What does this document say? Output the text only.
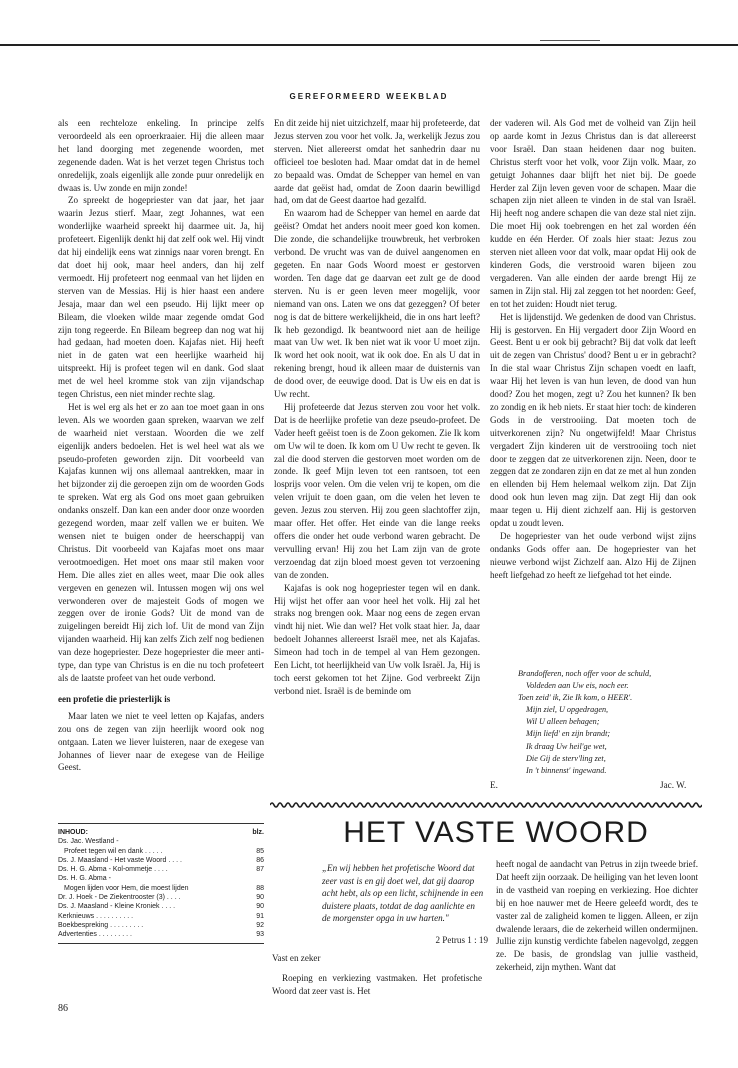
GEREFORMEERD WEEKBLAD

als een rechteloze enkeling. In principe zelfs veroordeeld als een oproerkraaier. Hij die alleen maar het land doorging met zegenende woorden, met zegenende daden. Wat is het verzet tegen Christus toch onredelijk, zoals eigenlijk alle zonde puur onredelijk en dwaas is. Uw zonde en mijn zonde!

Zo spreekt de hogepriester van dat jaar, het jaar waarin Jezus stierf. Maar, zegt Johannes, wat een wonderlijke waarheid spreekt hij daarmee uit. Ja, hij profeteert. Eigenlijk denkt hij dat zelf ook wel. Hij vindt dat hij eindelijk eens wat zinnigs naar voren brengt. En dat doet hij ook, maar heel anders, dan hij zelf vermoedt. Hij profeteert nog eenmaal van het lijden en sterven van de Messias. Hij is hier haast een andere Jesaja, maar dan wel een pseudo. Hij lijkt meer op Bileam, die vloeken wilde maar zegende omdat God zijn tong regeerde. En Bileam begreep dan nog wat hij had gedaan, had moeten doen. Kajafas niet. Hij heeft niet in de gaten wat een heerlijke waarheid hij uitspreekt. Hij is profeet tegen wil en dank. God slaat met de wel heel kromme stok van zijn vijandschap tegen Christus, een niet minder rechte slag.

Het is wel erg als het er zo aan toe moet gaan in ons leven. Als we woorden gaan spreken, waarvan we zelf de waarheid niet verstaan. Woorden die we zelf eigenlijk anders bedoelen. Het is wel heel wat als we pseudo-profeten geworden zijn. Dit voorbeeld van Kajafas kunnen wij ons allemaal aantrekken, maar in het bijzonder zij die geroepen zijn om de woorden Gods te spreken. Wat erg als God ons moet gaan gebruiken ondanks onszelf. Dan kan een ander door onze woorden gezegend worden, maar zelf vallen we er buiten. We wensen niet te buigen onder de heerschappij van Christus. Dit voorbeeld van Kajafas moet ons maar verootmoedigen. Het moet ons maar stil maken voor Hem. Die alles ziet en alles weet, maar Die ook alles vergeven en genezen wil. Intussen mogen wij ons wel verwonderen over de majesteit Gods of mogen we zeggen over de ironie Gods? Uit de mond van de zuigelingen bereidt Hij zich lof. Uit de mond van Zijn vijanden waarheid. Hij kan zelfs Zich zelf nog bedienen van deze hogepriester. Deze hogepriester die meer anti-type, dan type van Christus is en die nu toch profeteert als de laatste profeet van het oude verbond.

een profetie die priesterlijk is

Maar laten we niet te veel letten op Kajafas, anders zou ons de zegen van zijn heerlijk woord ook nog ontgaan. Laten we liever luisteren, naar de exegese van Johannes of liever naar de exegese van de Heilige Geest.

INHOUD:	blz.
Ds. Jac. Westland -
Profeet tegen wil en dank . . . . .	85
Ds. J. Maasland - Het vaste Woord . . . .	86
Ds. H. G. Abma - Kol-ommetje . . . .	87
Ds. H. G. Abma -
Mogen lijden voor Hem, die moest lijden	88
Dr. J. Hoek - De Ziekentrooster (3) . . . .	90
Ds. J. Maasland - Kleine Kroniek . . . .	90
Kerknieuws . . . . . . . . . .	91
Boekbespreking . . . . . . . . .	92
Advertenties . . . . . . . . .	93
86

En dit zeide hij niet uitzichzelf, maar hij profeteerde, dat Jezus sterven zou voor het volk. Ja, werkelijk Jezus zou sterven. Niet allereerst omdat het sanhedrin daar nu officieel toe besloten had. Maar omdat dat in de hemel zo bepaald was. Omdat de Schepper van hemel en van aarde dat geëist had, omdat de Zoon daarin bewilligd had, om dat de Geest daartoe had gezalfd.

En waarom had de Schepper van hemel en aarde dat geëist? Omdat het anders nooit meer goed kon komen. Die zonde, die schandelijke trouwbreuk, het verbroken verbond. De vrucht was van de duivel aangenomen en gegeten. En naar Gods Woord moest er gestorven worden. Ten dage dat ge daarvan eet zult ge de dood sterven. Nu is er geen leven meer mogelijk, voor niemand van ons. Laten we ons dat gezeggen? Of beter nog is dat de bittere werkelijkheid, die in ons hart leeft? Ik heb gezondigd. Ik beantwoord niet aan de heilige maat van Uw wet. Ik ben niet wat ik voor U moet zijn. Ik word het ook nooit, wat ik ook doe. En als U dat in rekening brengt, houd ik alleen maar de duisternis van de dood over, de eeuwige dood. Dat is Uw eis en dat is Uw recht.

Hij profeteerde dat Jezus sterven zou voor het volk. Dat is de heerlijke profetie van deze pseudo-profeet. De Vader heeft geëist toen is de Zoon gekomen. Zie Ik kom om Uw wil te doen. Ik kom om U Uw recht te geven. Ik zal die dood sterven die gestorven moet worden om de zonde. Ik geef Mijn leven tot een rantsoen, tot een losprijs voor velen. Om die velen vrij te kopen, om die velen vrijuit te doen gaan, om die velen het leven te geven. Jezus zou sterven. Hij zou geen slachtoffer zijn, maar offer. Het offer. Het einde van die lange reeks offers die onder het oude verbond waren gebracht. De vervulling ervan! Hij zou het Lam zijn van de grote verzoendag dat zijn bloed moest geven tot verzoening van de zonden.

Kajafas is ook nog hogepriester tegen wil en dank. Hij wijst het offer aan voor heel het volk. Hij zal het straks nog brengen ook. Maar nog eens de zegen ervan vindt hij niet. Wie dan wel? Het volk staat hier. Ja, daar bedoelt Johannes allereerst Israël mee, net als Kajafas. Simeon had toch in de tempel al van Hem gezongen. Een Licht, tot heerlijkheid van Uw volk Israël. Ja, Hij is toch eerst gekomen tot het Zijne. God verbreekt Zijn verbond niet. Israël is de beminde om

der vaderen wil. Als God met de volheid van Zijn heil op aarde komt in Jezus Christus dan is dat allereerst voor Israël. Dan staan heidenen daar nog buiten. Christus sterft voor het volk, voor Zijn volk. Maar, zo getuigt Johannes daar blijft het niet bij. De goede Herder zal Zijn leven geven voor de schapen. Maar die schapen zijn niet alleen te vinden in de stal van Israël. Hij heeft nog andere schapen die van deze stal niet zijn. Die moet Hij ook toebrengen en het zal worden één kudde en één Herder. Of zoals hier staat: Jezus zou sterven niet alleen voor dat volk, maar opdat Hij ook de kinderen Gods, die verstrooid waren bijeen zou vergaderen. Van alle einden der aarde brengt Hij ze samen in Zijn stal. Hij zal zeggen tot het noorden: Geef, en tot het zuiden: Houdt niet terug.

Het is lijdenstijd. We gedenken de dood van Christus. Hij is gestorven. En Hij vergadert door Zijn Woord en Geest. Bent u er ook bij gebracht? Bij dat volk dat leeft uit de zegen van Christus' dood? Bent u er in gebracht? In die stal waar Christus Zijn schapen voedt en laaft, waar Hij het leven is van hun leven, de dood van hun dood? Zou het mogen, zegt u? Zou het kunnen? Ik ben zo zondig en ik heb niets. Er staat hier toch: de kinderen Gods in de verstrooiing. Dat moeten toch de uitverkorenen zijn? Nu ongetwijfeld! Maar Christus vergadert Zijn kinderen uit de verstrooiing toch niet door te zeggen dat ze uitverkorenen zijn. Neen, door te zeggen dat ze zondaren zijn en dat ze met al hun zonden en ellenden bij Hem helemaal welkom zijn. Dat Zijn dood ook hun leven mag zijn. Dat zegt Hij dan ook maar tegen u. Hij dient zichzelf aan. Hij is gestorven opdat u zoudt leven.

De hogepriester van het oude verbond wijst zijns ondanks Gods offer aan. De hogepriester van het nieuwe verbond wijst Zichzelf aan. Alzo Hij de Zijnen heeft liefgehad zo heeft ze liefgehad tot het einde.

Brandofferen, noch offer voor de schuld,
Voldeden aan Uw eis, noch eer.
Toen zeid' ik, Zie Ik kom, o HEER'.
Mijn ziel, U opgedragen,
Wil U alleen behagen;
Mijn liefd' en zijn brandt;
Ik draag Uw heil'ge wet,
Die Gij de sterv'ling zet,
In 't binnenst' ingewand.
E.	Jac. W.
HET VASTE WOORD
„En wij hebben het profetische Woord dat zeer vast is en gij doet wel, dat gij daarop acht hebt, als op een licht, schijnende in een duistere plaats, totdat de dag aanlichte en de morgenster opga in uw harten."
2 Petrus 1 : 19
Vast en zeker

Roeping en verkiezing vastmaken. Het profetische Woord dat zeer vast is. Het

heeft nogal de aandacht van Petrus in zijn tweede brief. Dat heeft zijn oorzaak. De heiliging van het leven loont in de vastheid van roeping en verkiezing. Hoe dichter bij en hoe nauwer met de Heere geleefd wordt, des te vaster zal de zaligheid komen te liggen. Alleen, er zijn dwalende leraars, die de zekerheid willen ondermijnen. Jullie zijn kunstig verdichte fabelen nagevolgd, zeggen ze. De basis, de grondslag van jullie vastheid, zekerheid, zijn mythen. Want dat
